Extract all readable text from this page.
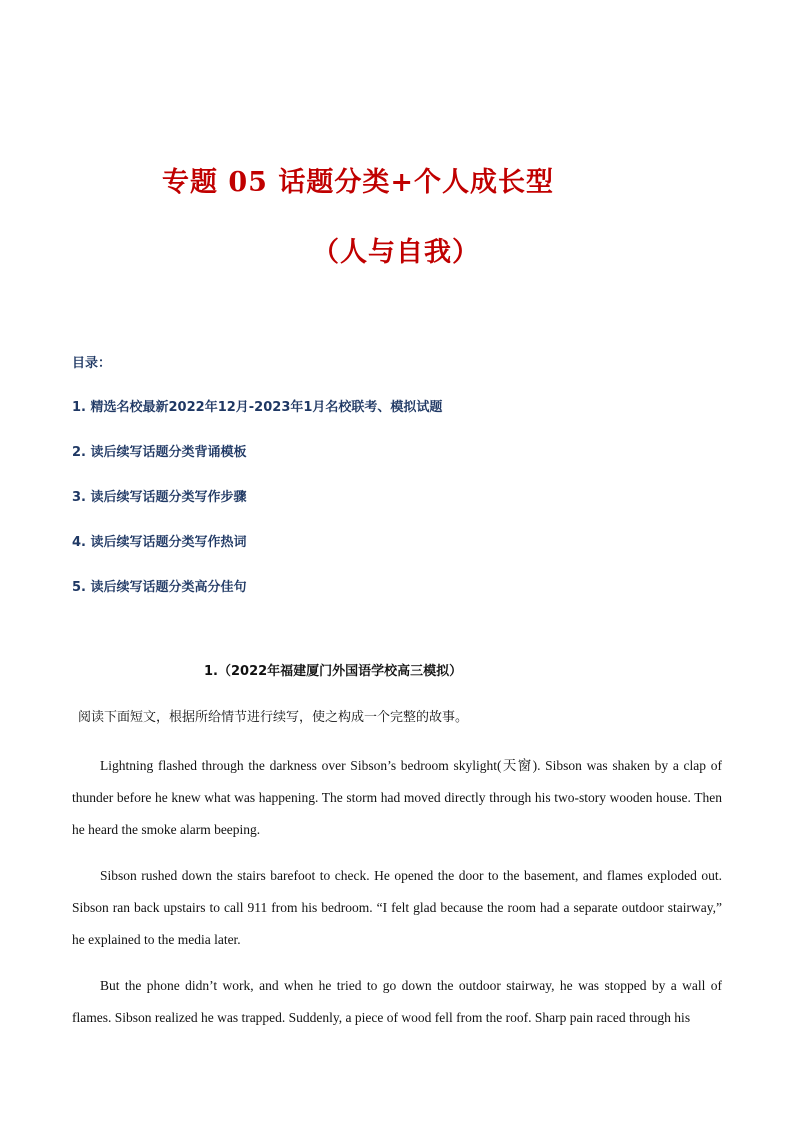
专题 05 话题分类+个人成长型
（人与自我）
目录：
1. 精选名校最新2022年12月-2023年1月名校联考、模拟试题
2. 读后续写话题分类背诵模板
3. 读后续写话题分类写作步骤
4. 读后续写话题分类写作热词
5. 读后续写话题分类高分佳句
1.（2022年福建厦门外国语学校高三模拟）
阅读下面短文，根据所给情节进行续写，使之构成一个完整的故事。

Lightning flashed through the darkness over Sibson’s bedroom skylight(天窗). Sibson was shaken by a clap of thunder before he knew what was happening. The storm had moved directly through his two-story wooden house. Then he heard the smoke alarm beeping.

Sibson rushed down the stairs barefoot to check. He opened the door to the basement, and flames exploded out. Sibson ran back upstairs to call 911 from his bedroom. “I felt glad because the room had a separate outdoor stairway,” he explained to the media later.

But the phone didn’t work, and when he tried to go down the outdoor stairway, he was stopped by a wall of flames. Sibson realized he was trapped. Suddenly, a piece of wood fell from the roof. Sharp pain raced through his
